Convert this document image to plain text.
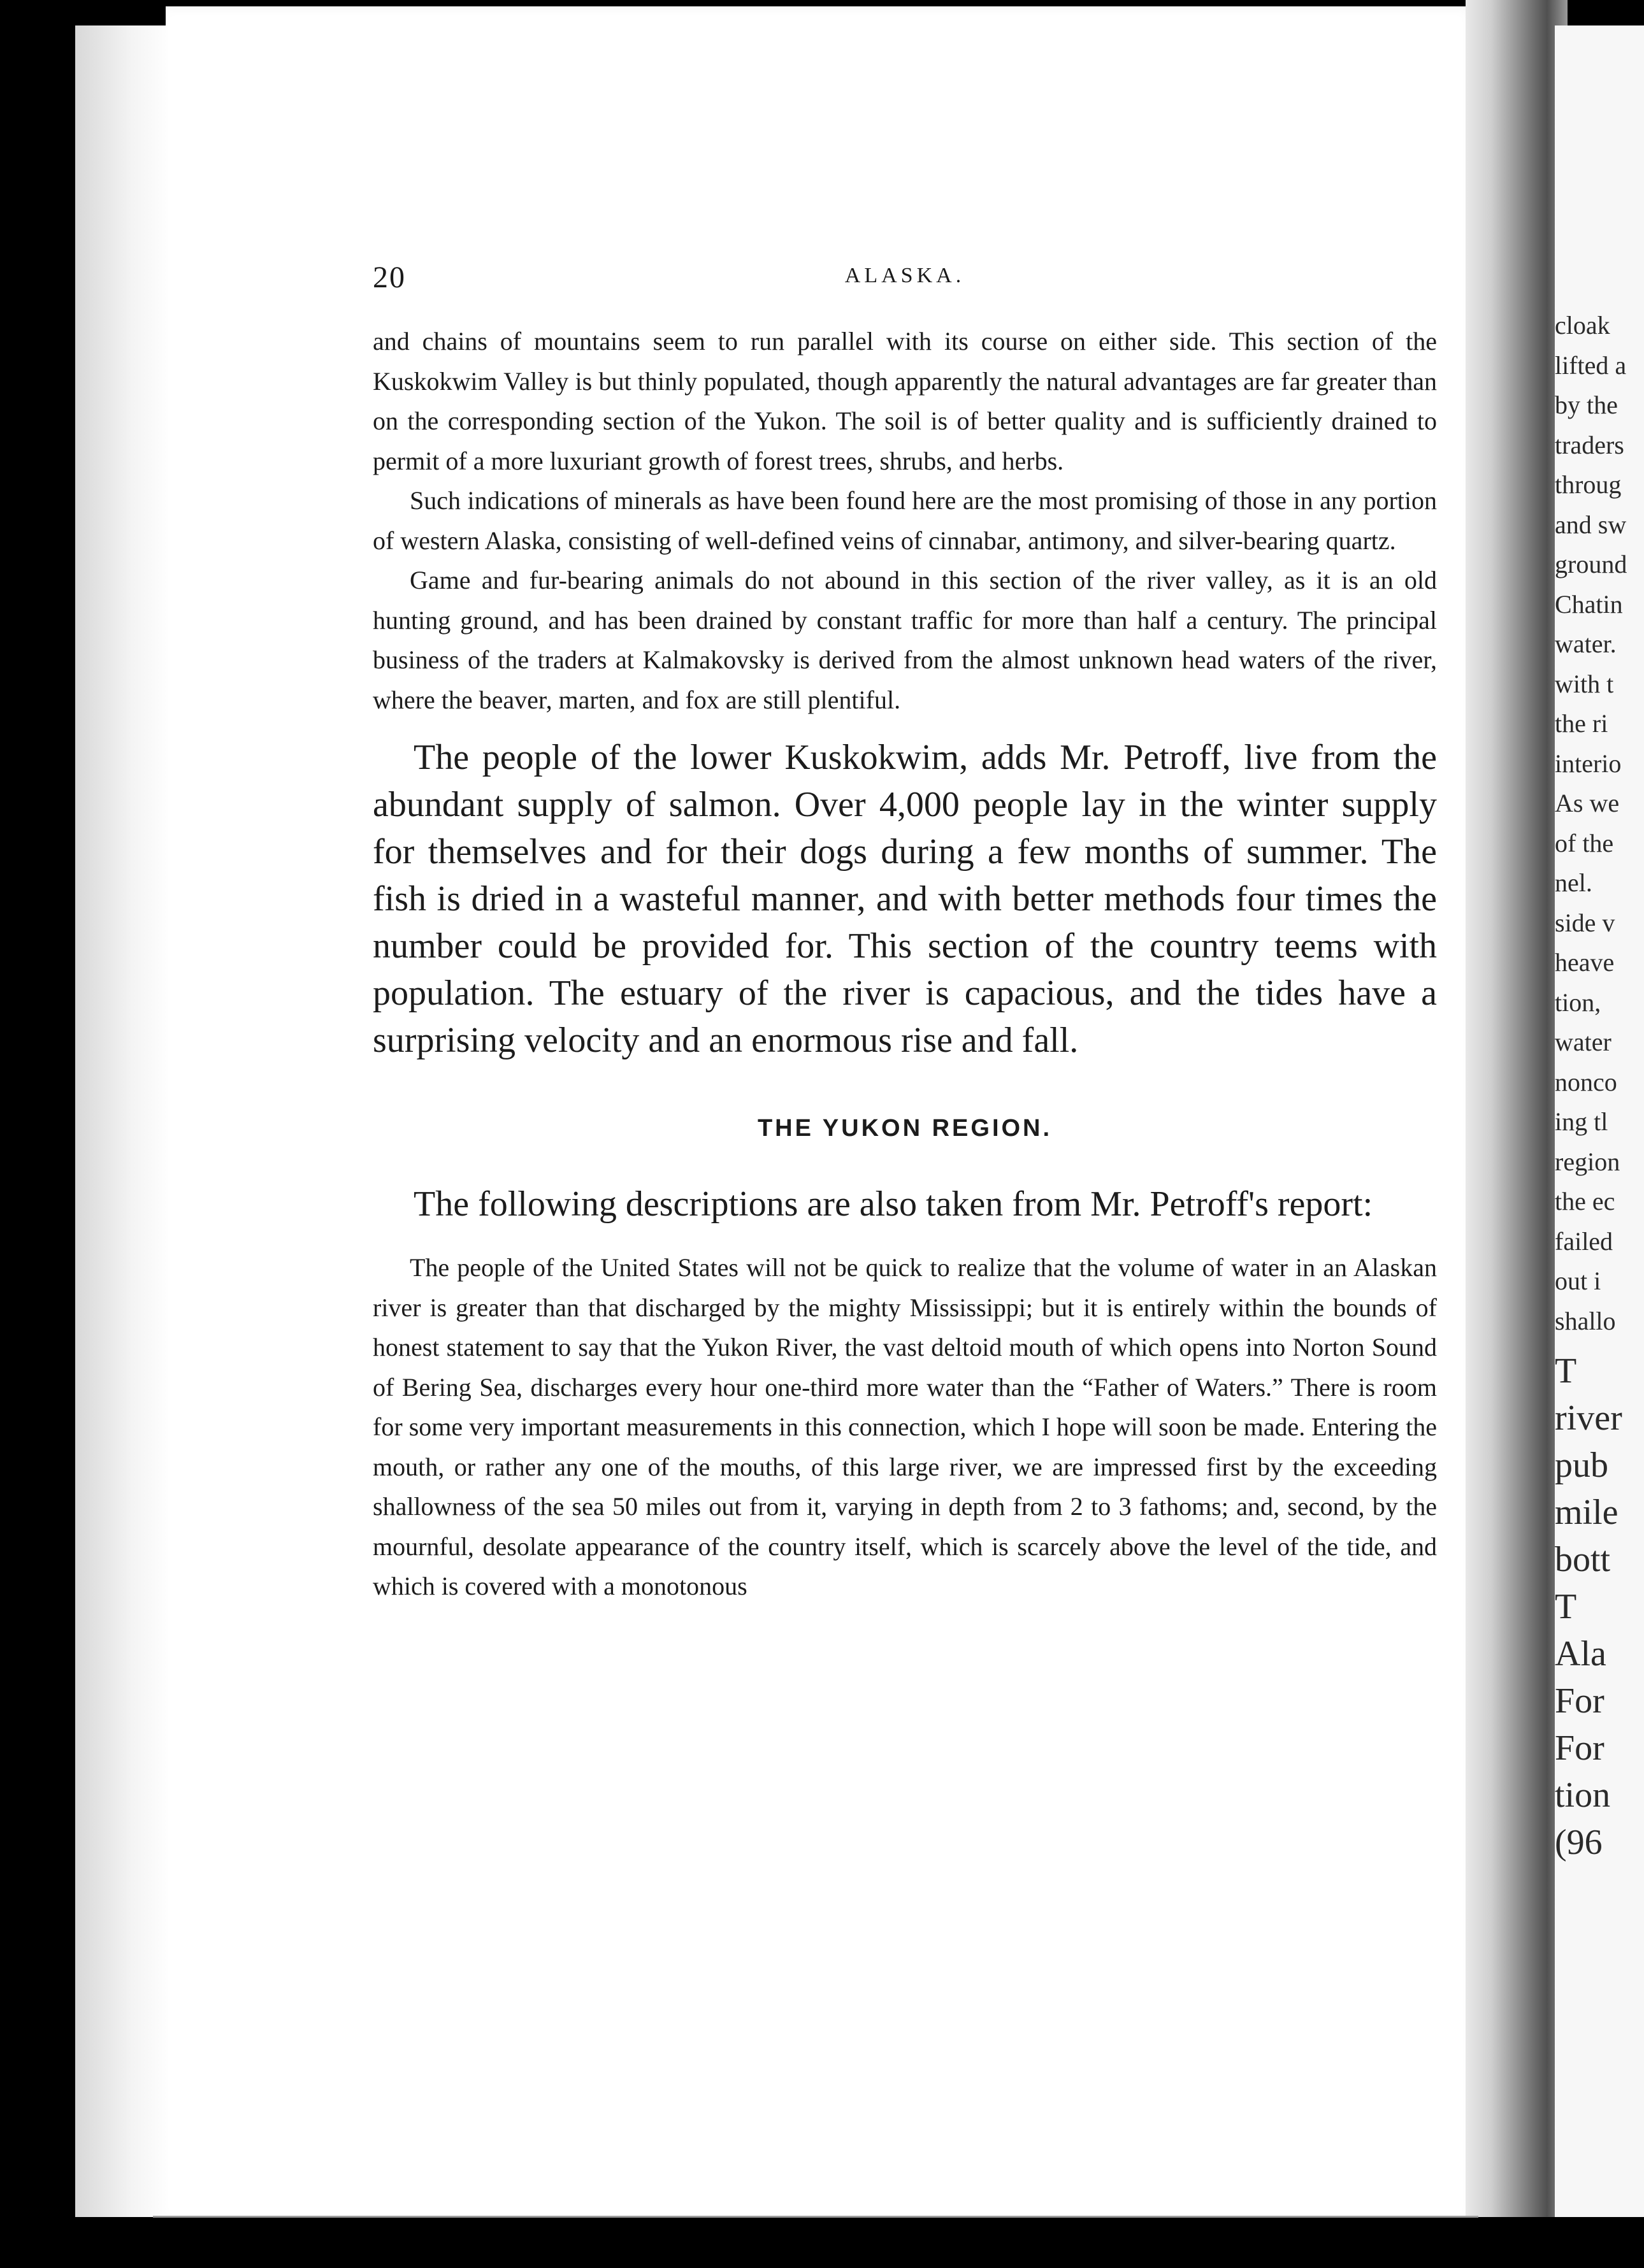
20	ALASKA.

and chains of mountains seem to run parallel with its course on either side. This section of the Kuskokwim Valley is but thinly populated, though apparently the natural advantages are far greater than on the corresponding section of the Yukon. The soil is of better quality and is sufficiently drained to permit of a more luxuriant growth of forest trees, shrubs, and herbs.

Such indications of minerals as have been found here are the most promising of those in any portion of western Alaska, consisting of well-defined veins of cinnabar, antimony, and silver-bearing quartz.

Game and fur-bearing animals do not abound in this section of the river valley, as it is an old hunting ground, and has been drained by constant traffic for more than half a century. The principal business of the traders at Kalmakovsky is derived from the almost unknown head waters of the river, where the beaver, marten, and fox are still plentiful.

The people of the lower Kuskokwim, adds Mr. Petroff, live from the abundant supply of salmon. Over 4,000 people lay in the winter supply for themselves and for their dogs during a few months of summer. The fish is dried in a wasteful manner, and with better methods four times the number could be provided for. This section of the country teems with population. The estuary of the river is capacious, and the tides have a surprising velocity and an enormous rise and fall.

THE YUKON REGION.

The following descriptions are also taken from Mr. Petroff's report:

The people of the United States will not be quick to realize that the volume of water in an Alaskan river is greater than that discharged by the mighty Mississippi; but it is entirely within the bounds of honest statement to say that the Yukon River, the vast deltoid mouth of which opens into Norton Sound of Bering Sea, discharges every hour one-third more water than the “Father of Waters.” There is room for some very important measurements in this connection, which I hope will soon be made. Entering the mouth, or rather any one of the mouths, of this large river, we are impressed first by the exceeding shallowness of the sea 50 miles out from it, varying in depth from 2 to 3 fathoms; and, second, by the mournful, desolate appearance of the country itself, which is scarcely above the level of the tide, and which is covered with a monotonous

cloak

lifted a

by the

traders

throug

and sw

ground

Chatin

water.

with t

the ri

interio

As we

of the

nel.

side v

heave

tion,

water

nonco

ing tl

region

the ec

failed

out i

shallo

T

river

pub

mile

bott

T

Ala

For

For

tion

(96
